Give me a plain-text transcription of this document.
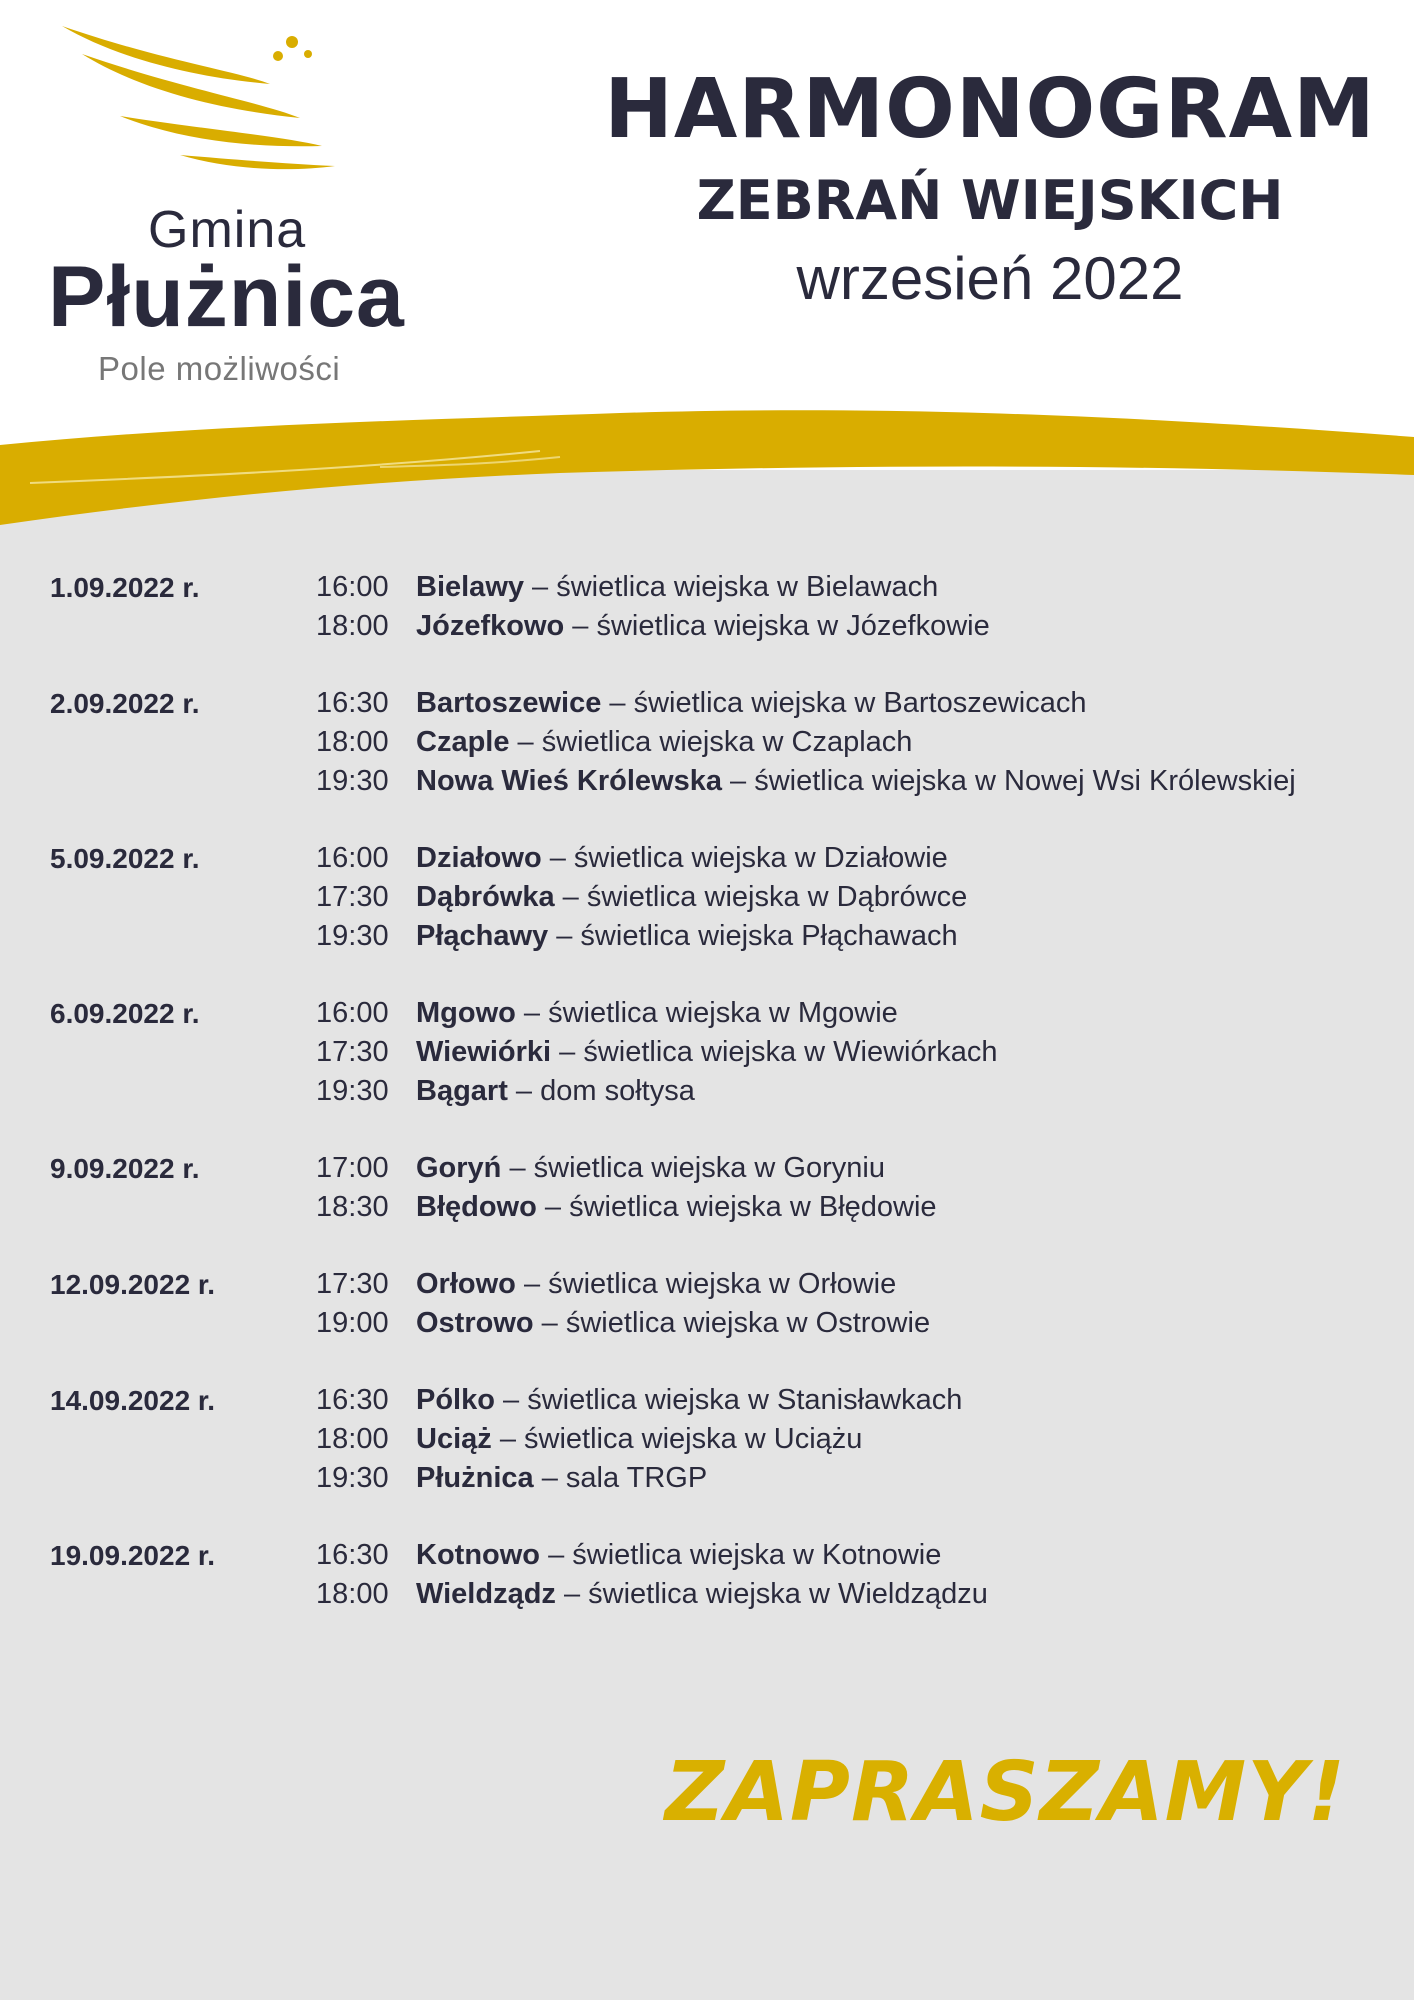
Gmina
Płużnica
Pole możliwości
HARMONOGRAM
ZEBRAŃ WIEJSKICH
wrzesień 2022
1.09.2022 r.	16:00 Bielawy – świetlica wiejska w Bielawach
18:00 Józefkowo – świetlica wiejska w Józefkowie
2.09.2022 r.	16:30 Bartoszewice – świetlica wiejska w Bartoszewicach
18:00 Czaple – świetlica wiejska w Czaplach
19:30 Nowa Wieś Królewska – świetlica wiejska w Nowej Wsi Królewskiej
5.09.2022 r.	16:00 Działowo – świetlica wiejska w Działowie
17:30 Dąbrówka – świetlica wiejska w Dąbrówce
19:30 Płąchawy – świetlica wiejska Płąchawach
6.09.2022 r.	16:00 Mgowo – świetlica wiejska w Mgowie
17:30 Wiewiórki – świetlica wiejska w Wiewiórkach
19:30 Bągart – dom sołtysa
9.09.2022 r.	17:00 Goryń – świetlica wiejska w Goryniu
18:30 Błędowo – świetlica wiejska w Błędowie
12.09.2022 r.	17:30 Orłowo – świetlica wiejska w Orłowie
19:00 Ostrowo – świetlica wiejska w Ostrowie
14.09.2022 r.	16:30 Pólko – świetlica wiejska w Stanisławkach
18:00 Uciąż – świetlica wiejska w Uciążu
19:30 Płużnica – sala TRGP
19.09.2022 r.	16:30 Kotnowo – świetlica wiejska w Kotnowie
18:00 Wieldządz – świetlica wiejska w Wieldządzu
ZAPRASZAMY!
